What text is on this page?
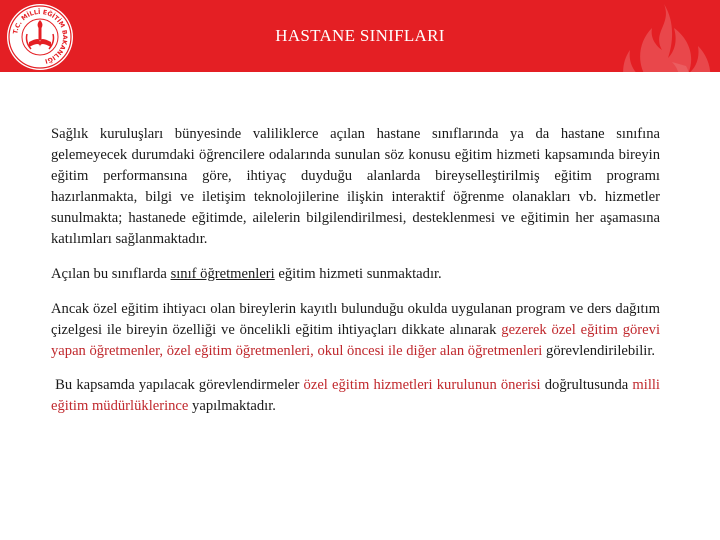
T.C. MİLLÎ EĞİTİM BAKANLIĞI
HASTANE SINIFLARI

Sağlık kuruluşları bünyesinde valiliklerce açılan hastane sınıflarında ya da hastane sınıfına gelemeyecek durumdaki öğrencilere odalarında sunulan söz konusu eğitim hizmeti kapsamında bireyin eğitim performansına göre, ihtiyaç duyduğu alanlarda bireyselleştirilmiş eğitim programı hazırlanmakta, bilgi ve iletişim teknolojilerine ilişkin interaktif öğrenme olanakları vb. hizmetler sunulmakta; hastanede eğitimde, ailelerin bilgilendirilmesi, desteklenmesi ve eğitimin her aşamasına katılımları sağlanmaktadır.

Açılan bu sınıflarda sınıf öğretmenleri eğitim hizmeti sunmaktadır.

Ancak özel eğitim ihtiyacı olan bireylerin kayıtlı bulunduğu okulda uygulanan program ve ders dağıtım çizelgesi ile bireyin özelliği ve öncelikli eğitim ihtiyaçları dikkate alınarak gezerek özel eğitim görevi yapan öğretmenler, özel eğitim öğretmenleri, okul öncesi ile diğer alan öğretmenleri görevlendirilebilir.

Bu kapsamda yapılacak görevlendirmeler özel eğitim hizmetleri kurulunun önerisi doğrultusunda milli eğitim müdürlüklerince yapılmaktadır.
